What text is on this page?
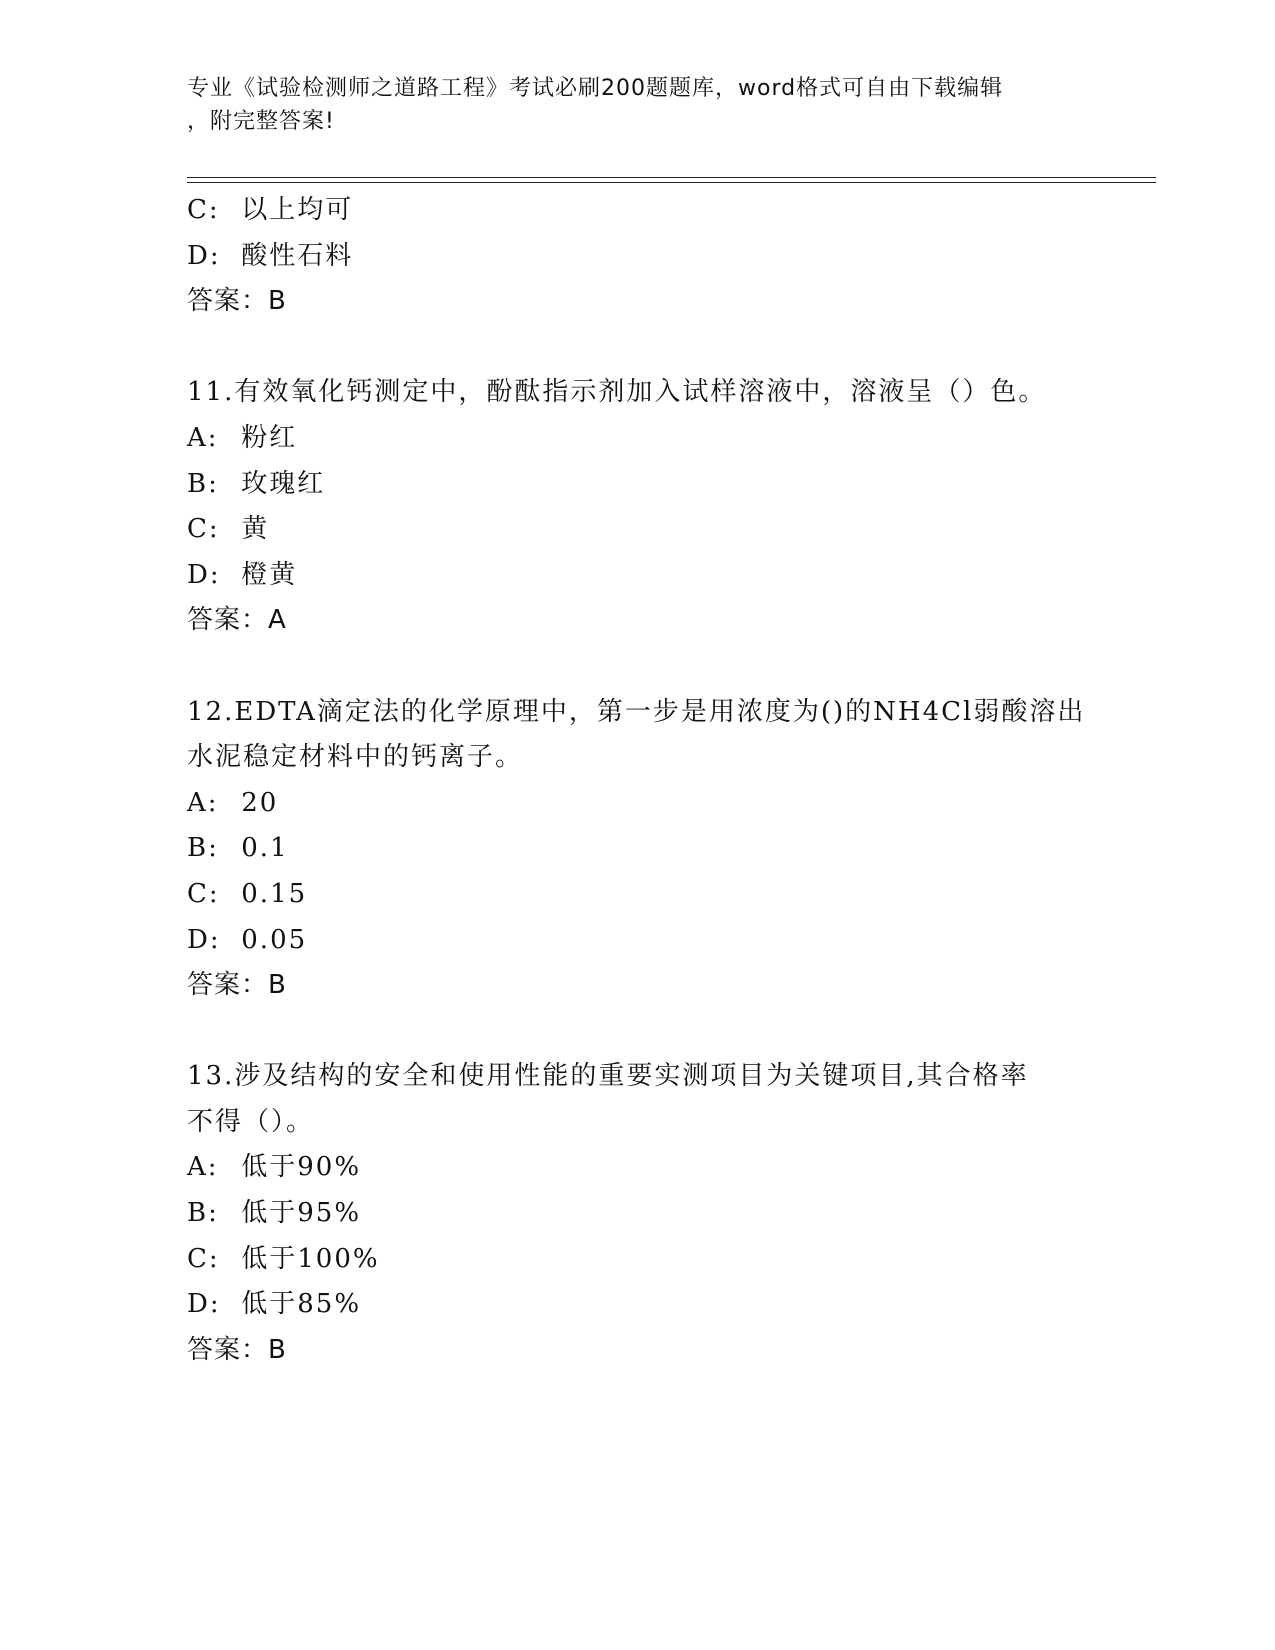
专业《试验检测师之道路工程》考试必刷200题题库，word格式可自由下载编辑
，附完整答案!
C: 以上均可
D: 酸性石料
答案：B
11.有效氧化钙测定中，酚酞指示剂加入试样溶液中，溶液呈（）色。
A: 粉红
B: 玫瑰红
C: 黄
D: 橙黄
答案：A
12.EDTA滴定法的化学原理中，第一步是用浓度为()的NH4Cl弱酸溶出
水泥稳定材料中的钙离子。
A: 20
B: 0.1
C: 0.15
D: 0.05
答案：B
13.涉及结构的安全和使用性能的重要实测项目为关键项目,其合格率
不得（）。
A: 低于90%
B: 低于95%
C: 低于100%
D: 低于85%
答案：B
